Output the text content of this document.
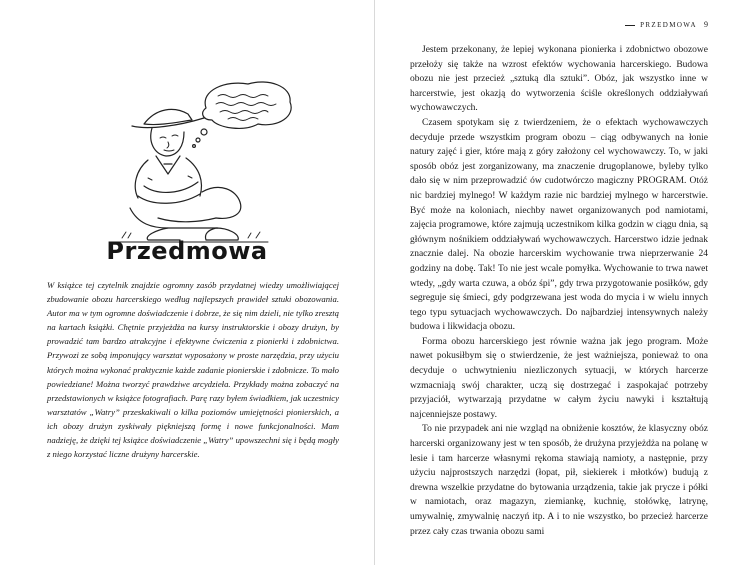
Przedmowa

W książce tej czytelnik znajdzie ogromny zasób przydatnej wiedzy umożliwiającej zbudowanie obozu harcerskiego według najlepszych prawideł sztuki obozowania. Autor ma w tym ogromne doświadczenie i dobrze, że się nim dzieli, nie tylko zresztą na kartach książki. Chętnie przyjeżdża na kursy instruktorskie i obozy drużyn, by prowadzić tam bardzo atrakcyjne i efektywne ćwiczenia z pionierki i zdobnictwa. Przywozi ze sobą imponujący warsztat wyposażony w proste narzędzia, przy użyciu których można wykonać praktycznie każde zadanie pionierskie i zdobnicze. To mało powiedziane! Można tworzyć prawdziwe arcydzieła. Przykłady można zobaczyć na przedstawionych w książce fotografiach. Parę razy byłem świadkiem, jak uczestnicy warsztatów „Watry” przeskakiwali o kilka poziomów umiejętności pionierskich, a ich obozy drużyn zyskiwały piękniejszą formę i nowe funkcjonalności. Mam nadzieję, że dzięki tej książce doświadczenie „Watry” upowszechni się i będą mogły z niego korzystać liczne drużyny harcerskie.

PRZEDMOWA 9

Jestem przekonany, że lepiej wykonana pionierka i zdobnictwo obozowe przełoży się także na wzrost efektów wychowania harcerskiego. Budowa obozu nie jest przecież „sztuką dla sztuki”. Obóz, jak wszystko inne w harcerstwie, jest okazją do wytworzenia ściśle określonych oddziaływań wychowawczych.

Czasem spotykam się z twierdzeniem, że o efektach wychowawczych decyduje przede wszystkim program obozu – ciąg odbywanych na łonie natury zajęć i gier, które mają z góry założony cel wychowawczy. To, w jaki sposób obóz jest zorganizowany, ma znaczenie drugoplanowe, byleby tylko dało się w nim przeprowadzić ów cudotwórczo magiczny PROGRAM. Otóż nic bardziej mylnego! W każdym razie nic bardziej mylnego w harcerstwie. Być może na koloniach, niechby nawet organizowanych pod namiotami, zajęcia programowe, które zajmują uczestnikom kilka godzin w ciągu dnia, są głównym nośnikiem oddziaływań wychowawczych. Harcerstwo idzie jednak znacznie dalej. Na obozie harcerskim wychowanie trwa nieprzerwanie 24 godziny na dobę. Tak! To nie jest wcale pomyłka. Wychowanie to trwa nawet wtedy, „gdy warta czuwa, a obóz śpi”, gdy trwa przygotowanie posiłków, gdy segreguje się śmieci, gdy podgrzewana jest woda do mycia i w wielu innych tego typu sytuacjach wychowawczych. Do najbardziej intensywnych należy budowa i likwidacja obozu.

Forma obozu harcerskiego jest równie ważna jak jego program. Może nawet pokusiłbym się o stwierdzenie, że jest ważniejsza, ponieważ to ona decyduje o uchwytnieniu niezliczonych sytuacji, w których harcerze wzmacniają swój charakter, uczą się dostrzegać i zaspokajać potrzeby przyjaciół, wytwarzają przydatne w całym życiu nawyki i kształtują najcenniejsze postawy.

To nie przypadek ani nie wzgląd na obniżenie kosztów, że klasyczny obóz harcerski organizowany jest w ten sposób, że drużyna przyjeżdża na polanę w lesie i tam harcerze własnymi rękoma stawiają namioty, a następnie, przy użyciu najprostszych narzędzi (łopat, pił, siekierek i młotków) budują z drewna wszelkie przydatne do bytowania urządzenia, takie jak prycze i półki w namiotach, oraz magazyn, ziemiankę, kuchnię, stołówkę, latrynę, umywalnię, zmywalnię naczyń itp. A i to nie wszystko, bo przecież harcerze przez cały czas trwania obozu sami
